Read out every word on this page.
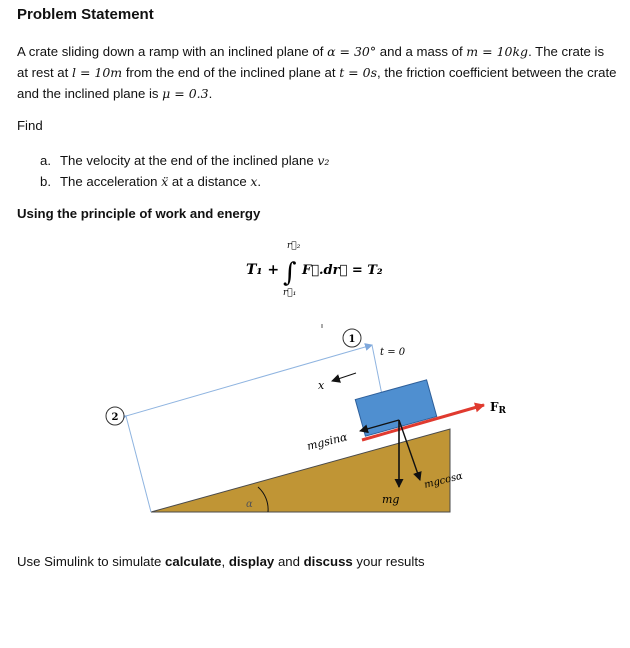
Problem Statement
A crate sliding down a ramp with an inclined plane of α = 30° and a mass of m = 10kg. The crate is at rest at l = 10m from the end of the inclined plane at t = 0s, the friction coefficient between the crate and the inclined plane is μ = 0.3.
Find
a. The velocity at the end of the inclined plane v₂
b. The acceleration ẍ at a distance x.
Using the principle of work and energy
T₁ + ∫
r⃗₂
r⃗₁
F⃗.dr⃗ = T₂
1
2
t = 0
x
FR
mgsinα
mg
mgcosα
α
Use Simulink to simulate calculate, display and discuss your results
